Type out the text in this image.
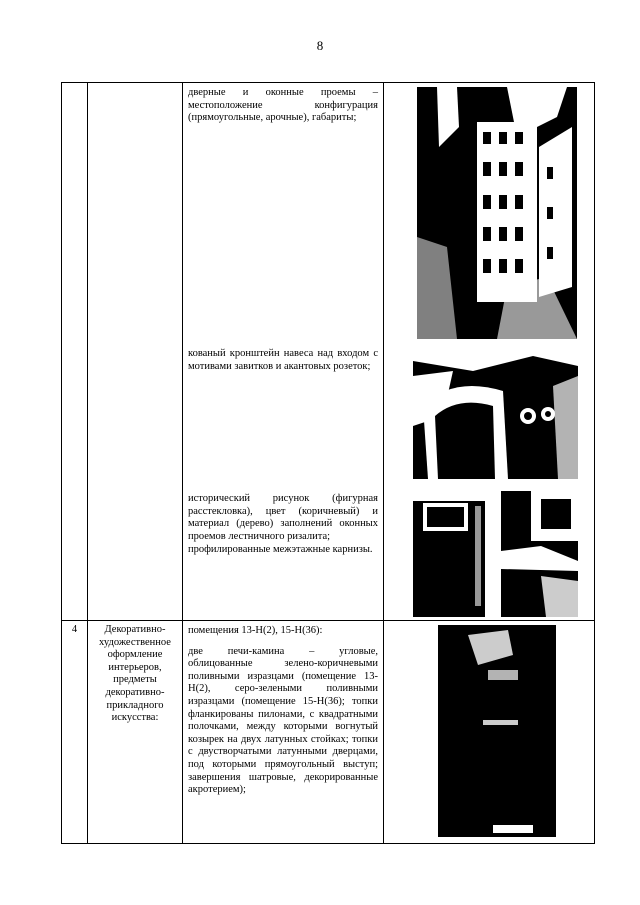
8

		дверные и оконные проемы – местоположение конфигурация (прямоугольные, арочные), габариты;
кованый кронштейн навеса над входом с мотивами завитков и акантовых розеток;
исторический рисунок (фигурная расстекловка), цвет (коричневый) и материал (дерево) заполнений оконных проемов лестничного ризалита;
профилированные межэтажные карнизы.

4	Декоративно-художественное оформление интерьеров, предметы декоративно-прикладного искусства:	помещения 13-Н(2), 15-Н(36):

две печи-камина – угловые, облицованные зелено-коричневыми поливными изразцами (помещение 13-Н(2), серо-зелеными поливными изразцами (помещение 15-Н(36); топки фланкированы пилонами, с квадратными полочками, между которыми вогнутый козырек на двух латунных стойках; топки с двустворчатыми латунными дверцами, под которыми прямоугольный выступ; завершения шатровые, декорированные акротерием);
